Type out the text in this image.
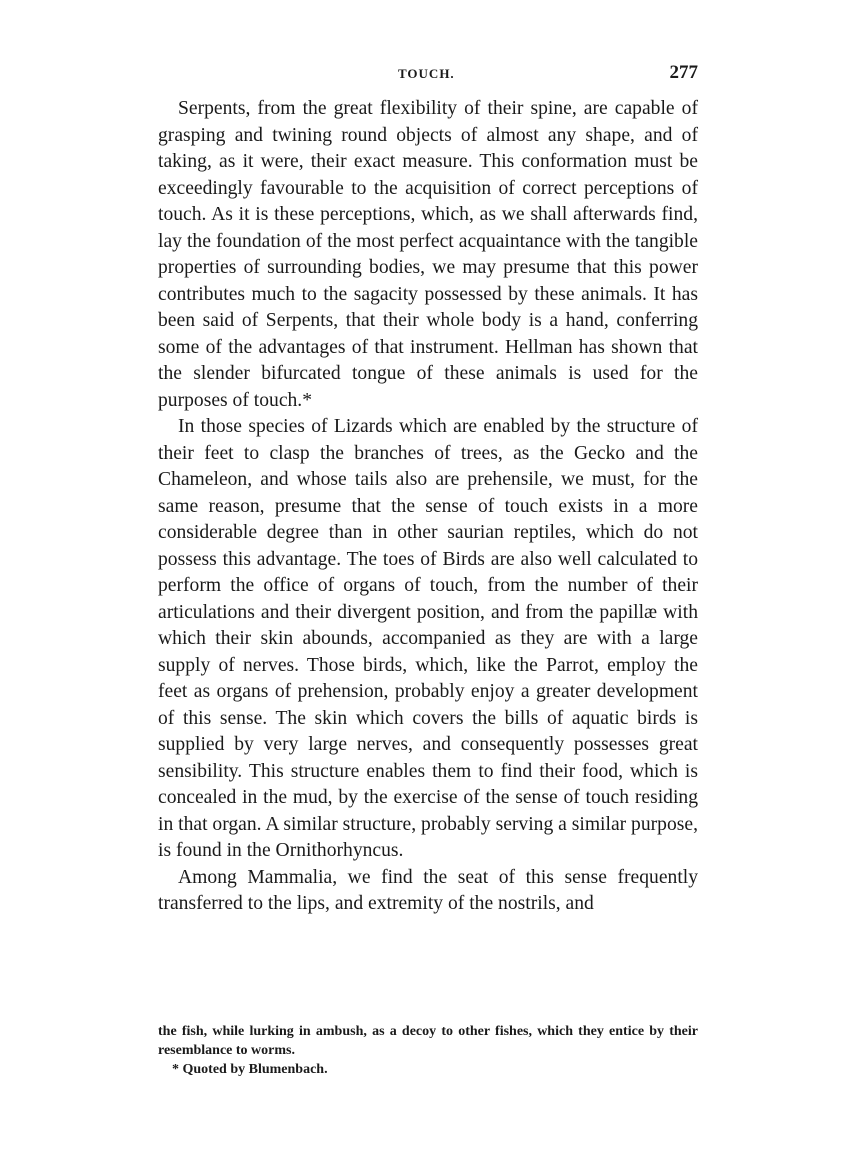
TOUCH.	277

Serpents, from the great flexibility of their spine, are capable of grasping and twining round objects of almost any shape, and of taking, as it were, their exact measure. This conformation must be exceedingly favourable to the acquisition of correct perceptions of touch. As it is these perceptions, which, as we shall afterwards find, lay the foundation of the most perfect acquaintance with the tangible properties of surrounding bodies, we may presume that this power contributes much to the sagacity possessed by these animals. It has been said of Serpents, that their whole body is a hand, conferring some of the advantages of that instrument. Hellman has shown that the slender bifurcated tongue of these animals is used for the purposes of touch.*

In those species of Lizards which are enabled by the structure of their feet to clasp the branches of trees, as the Gecko and the Chameleon, and whose tails also are prehensile, we must, for the same reason, presume that the sense of touch exists in a more considerable degree than in other saurian reptiles, which do not possess this advantage. The toes of Birds are also well calculated to perform the office of organs of touch, from the number of their articulations and their divergent position, and from the papillæ with which their skin abounds, accompanied as they are with a large supply of nerves. Those birds, which, like the Parrot, employ the feet as organs of prehension, probably enjoy a greater development of this sense. The skin which covers the bills of aquatic birds is supplied by very large nerves, and consequently possesses great sensibility. This structure enables them to find their food, which is concealed in the mud, by the exercise of the sense of touch residing in that organ. A similar structure, probably serving a similar purpose, is found in the Ornithorhyncus.

Among Mammalia, we find the seat of this sense frequently transferred to the lips, and extremity of the nostrils, and

the fish, while lurking in ambush, as a decoy to other fishes, which they entice by their resemblance to worms.

* Quoted by Blumenbach.
